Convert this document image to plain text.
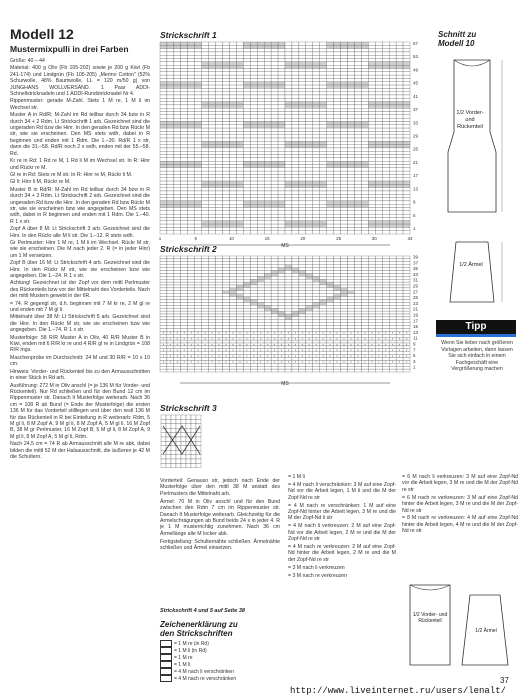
Modell 12
Mustermixpulli in drei Farben

Größe: 40 – 44

Material: 400 g Oliv (Fb 105-202) sowie je 200 g Kiwi (Fb 241-174) und Lindgrün (Fb 105-205) „Merino Cotton" (52% Schurwolle, 48% Baumwolle, LL = 120 m/50 g) von JUNGHANS WOLLVERSAND. 1 Paar ADDI-Schnellstricknadeln und 1 ADDI-Rundstricknadel Nr 4.

Rippenmuster: gerade M-Zahl. Stets 1 M re, 1 M li im Wechsel str.

Muster A in Rd/R: M-Zahl im Rd teilbar durch 34 bzw in R durch 34 + 2 Rdm. Lt Strickschrift 1 arb. Gezeichnet sind die ungeraden Rd bzw die Hinr. In den geraden Rd bzw Rückr M str, wie sie erscheinen. Den MS stets wdh, dabei in R beginnen und enden mit 1 Rdm. Die 1.–30. Rd/R 1 x str, dann die 31.–58. Rd/R noch 2 x wdh, enden mit der 55.–58. Rd.

Kr re in Rd: 1 Rd re M, 1 Rd li M im Wechsel str. In R: Hinr und Rückr re M.

Gl re in Rd: Stets re M str. In R: Hinr re M, Rückr li M.

Gl li: Hinr li M, Rückr re M.

Muster B in Rd/R: M-Zahl im Rd teilbar durch 34 bzw in R durch 34 + 2 Rdm. Lt Strickschrift 2 arb. Gezeichnet sind die ungeraden Rd bzw die Hinr. In den geraden Rd bzw Rückr M str, wie sie erscheinen bzw wie angegeben. Den MS stets wdh, dabei in R beginnen und enden mit 1 Rdm. Die 1.–40. R 1 x str.

Zopf A über 8 M: Lt Strickschrift 3 arb. Gezeichnet sind die Hinr. In den Rückr alle M li str. Die 1.–12. R stets wdh.

Gr Perlmuster: Hinr 1 M re, 1 M li im Wechsel. Rückr M str, wie sie erscheinen. Die M nach jeder 2. R (= in jeder Hinr) um 1 M versetzen.

Zopf B über 16 M: Lt Strickschrift 4 arb. Gezeichnet sind die Hinr. In den Rückr M str, wie sie erscheinen bzw wie angegeben. Die 1.–24. R 1 x str.

Achtung! Gezeichnet ist der Zopf vor dem mittl Perlmuster des Rückenteils bzw vor der Mittelnaht des Vorderteils. Nach der mittl Mustern gewebt in der 6R.

= 74. R gegengl str, d.h. beginnen mit 7 M kr re, 2 M gl re und enden mit 7 M gl li.

Mittelnaht über 38 M: Lt Strickschrift 5 arb. Gezeichnet sind die Hinr. In den Rückr M str, wie sie erscheinen bzw wie angegeben. Die 1.–74. R 1 x str.

Musterfolge: 58 R/R Muster A in Oliv, 40 R/R Muster B in Kiwi, enden mit 6 R/R kr re und 4 R/R gl re in Lindgrün = 108 R/R mgs.

Maschenprobe im Durchschnitt: 24 M und 30 R/R = 10 x 10 cm.

Hinweis: Vorder- und Rückenteil bis zu den Armausschnitten in einer Stück in Rd arb.

Ausführung: 272 M in Oliv anschl (= je 136 M für Vorder- und Rückenteil). Nur Rd schließen und für den Bund 12 cm im Rippenmuster str. Danach lt Musterfolge weiterarb. Nach 36 cm = 108 R ab Bund (= Ende der Musterfolge) die ersten 136 M für das Vorderteil stilllegen und über den restl 136 M für das Rückenteil in R bei Einteilung in R weiterarb: Rdm, 5 M gl li, 8 M Zopf A, 9 M gl li, 8 M Zopf A, 5 M gl li, 16 M Zopf B, 38 M gr Perlmuster, 16 M Zopf B, 5 M gl li, 8 M Zopf A, 9 M gl li, 8 M Zopf A, 5 M gl li, Rdm.

Nach 24,5 cm = 74 R ab Armausschnitt alle M re abk, dabei bilden die mittl 52 M der Halsausschnitt, die äußeren je 42 M die Schultern.

Strickschrift 1
57
53
49
45
41
37
33
29
25
21
17
13
9
5
1
1	5	10	15	20	25	30	34
MS
Strickschrift 2
x x x x x x x x x x x x x x x x x x x x x x x x x x x x x x x x x x x x
x x x x x x x x x x x x x x x x x x x x x x x x x x x x x x x x x x x x
x x x x x x x x x x x x x x x x x x x x x x x x x x x x x x x x x x x x
x x x x x x x x x x x x x x x x x x x x x x x x x x x x x x x x x x x x
x x x x x x x x x x x x x x x x x x x x x x x x x x x x x x x x x x x x
x x x x x x x x x x x x x x x x x x x x x x x x x x x x x x x x x x x x
39
37
35
33
31
29
27
25
23
21
19
17
15
13
11
9
7
5
3
1
MS
Strickschrift 3
Schnitt zu
Modell 10
1/2 Vorder- und Rückenteil
1/2 Ärmel
Tipp
Wenn Sie lieber nach größeren Vorlagen arbeiten, dann lassen Sie sich einfach in einem Fachgeschäft eine Vergrößerung machen

Vorderteil: Genauso str, jedoch nach Ende der Musterfolge über den mittl 38 M anstatt des Perlmusters die Mittelnaht arb.

Ärmel: 70 M in Oliv anschl und für den Bund zwischen den Rdm 7 cm im Rippenmuster str. Danach lt Musterfolge weiterarb. Gleichzeitig für die Armelschrägungen ab Bund beids 24 x in jeder 4. R je 1 M musterrichtig zunehmen. Nach 36 cm Ärmellänge alle M locker abk.

Fertigstellung: Schulternähte schließen. Ärmelnähte schließen und Ärmel einsetzen.

Strickschrift 4 und 5 auf Seite 38
Zeichenerklärung zu
den Strickschriften
= 1 M re (in Rd)
= 1 M li (in Rd)
= 1 M re
= 1 M li
= 4 M nach li verschränken
= 4 M nach re verschränken

= 1 M li

= 4 M nach li verschränken: 3 M auf eine Zopf-Nd vor die Arbeit legen, 1 M li und die M der Zopf-Nd re str

= 4 M nach re verschränken: 1 M auf eine Zopf-Nd hinter die Arbeit legen, 3 M re und die M der Zopf-Nd li str

= 4 M nach li verkreuzen: 2 M auf eine Zopf-Nd vor die Arbeit legen, 2 M re und die M der Zopf-Nd re str

= 4 M nach re verkreuzen: 2 M auf eine Zopf-Nd hinter die Arbeit legen, 2 M re und die M der Zopf-Nd re str

= 3 M nach li verkreuzen

= 3 M nach re verkreuzen

= 6 M nach li verkreuzen: 3 M auf eine Zopf-Nd vor die Arbeit legen, 3 M re und die M der Zopf-Nd re str

= 6 M nach re verkreuzen: 3 M auf eine Zopf-Nd hinter die Arbeit legen, 3 M re und die M der Zopf-Nd re str

= 8 M nach re verkreuzen: 4 M auf eine Zopf-Nd hinter die Arbeit legen, 4 M re und die M der Zopf-Nd re str

1/2 Vorder- und Rückenteil
1/2 Ärmel
37
http://www.liveinternet.ru/users/lenalt/
